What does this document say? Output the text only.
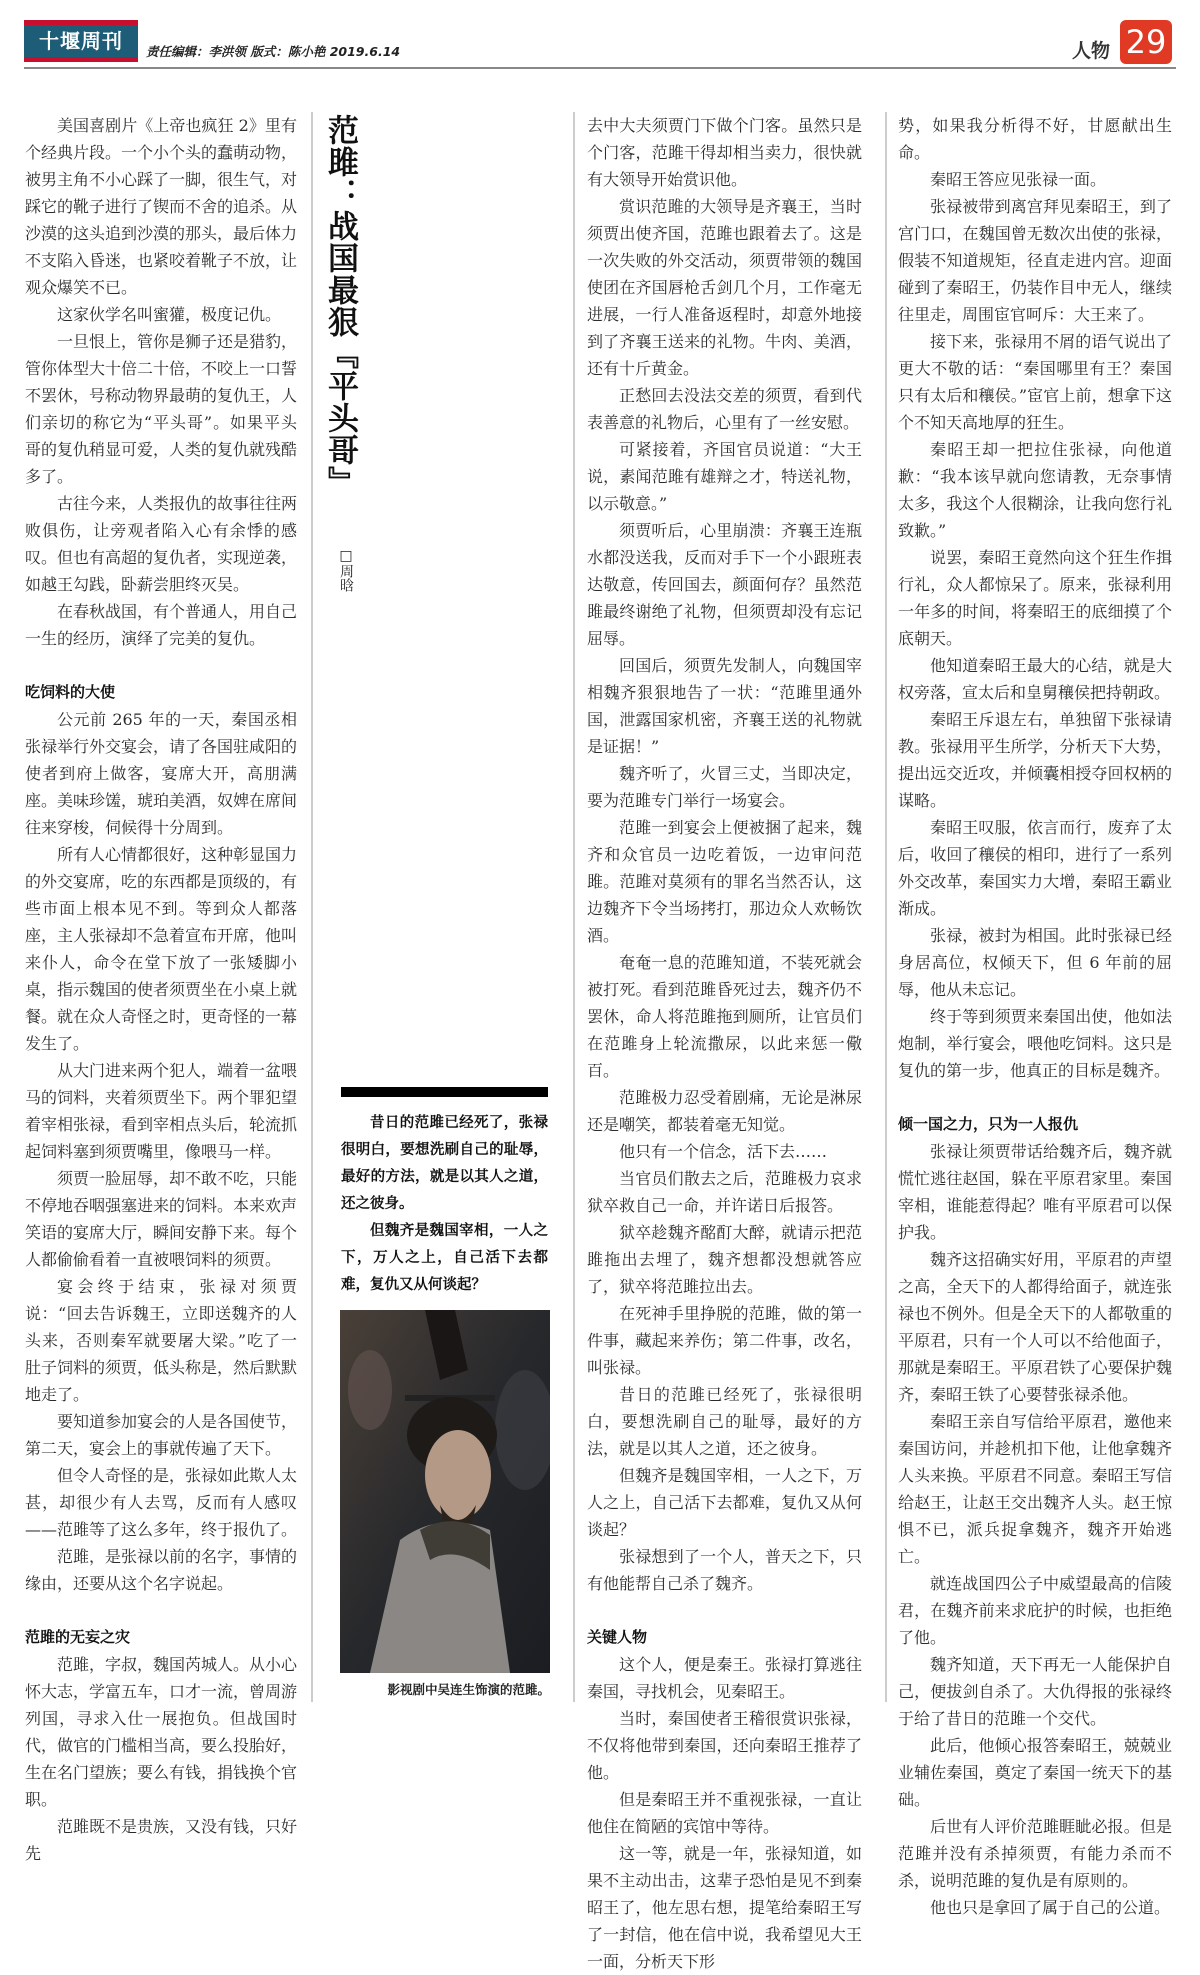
十堰周刊	责任编辑：李洪领 版式：陈小艳 2019.6.14	人物 29

美国喜剧片《上帝也疯狂 2》里有个经典片段。一个小个头的蠢萌动物，被男主角不小心踩了一脚，很生气，对踩它的靴子进行了锲而不舍的追杀。从沙漠的这头追到沙漠的那头，最后体力不支陷入昏迷，也紧咬着靴子不放，让观众爆笑不已。

这家伙学名叫蜜獾，极度记仇。

一旦恨上，管你是狮子还是猎豹，管你体型大十倍二十倍，不咬上一口誓不罢休，号称动物界最萌的复仇王，人们亲切的称它为“平头哥”。如果平头哥的复仇稍显可爱，人类的复仇就残酷多了。

古往今来，人类报仇的故事往往两败俱伤，让旁观者陷入心有余悸的感叹。但也有高超的复仇者，实现逆袭，如越王勾践，卧薪尝胆终灭吴。

在春秋战国，有个普通人，用自己一生的经历，演绎了完美的复仇。

吃饲料的大使

公元前 265 年的一天，秦国丞相张禄举行外交宴会，请了各国驻咸阳的使者到府上做客，宴席大开，高朋满座。美味珍馐，琥珀美酒，奴婢在席间往来穿梭，伺候得十分周到。

所有人心情都很好，这种彰显国力的外交宴席，吃的东西都是顶级的，有些市面上根本见不到。等到众人都落座，主人张禄却不急着宣布开席，他叫来仆人，命令在堂下放了一张矮脚小桌，指示魏国的使者须贾坐在小桌上就餐。就在众人奇怪之时，更奇怪的一幕发生了。

从大门进来两个犯人，端着一盆喂马的饲料，夹着须贾坐下。两个罪犯望着宰相张禄，看到宰相点头后，轮流抓起饲料塞到须贾嘴里，像喂马一样。

须贾一脸屈辱，却不敢不吃，只能不停地吞咽强塞进来的饲料。本来欢声笑语的宴席大厅，瞬间安静下来。每个人都偷偷看着一直被喂饲料的须贾。

宴会终于结束，张禄对须贾说：“回去告诉魏王，立即送魏齐的人头来，否则秦军就要屠大梁。”吃了一肚子饲料的须贾，低头称是，然后默默地走了。

要知道参加宴会的人是各国使节，第二天，宴会上的事就传遍了天下。

但令人奇怪的是，张禄如此欺人太甚，却很少有人去骂，反而有人感叹——范雎等了这么多年，终于报仇了。

范雎，是张禄以前的名字，事情的缘由，还要从这个名字说起。

范雎的无妄之灾

范雎，字叔，魏国芮城人。从小心怀大志，学富五车，口才一流，曾周游列国，寻求入仕一展抱负。但战国时代，做官的门槛相当高，要么投胎好，生在名门望族；要么有钱，捐钱换个官职。

范雎既不是贵族，又没有钱，只好先

范雎：战国最狠『平头哥』
□周晗

昔日的范雎已经死了，张禄很明白，要想洗刷自己的耻辱，最好的方法，就是以其人之道，还之彼身。

但魏齐是魏国宰相，一人之下，万人之上，自己活下去都难，复仇又从何谈起？

影视剧中吴连生饰演的范雎。

去中大夫须贾门下做个门客。虽然只是个门客，范雎干得却相当卖力，很快就有大领导开始赏识他。

赏识范雎的大领导是齐襄王，当时须贾出使齐国，范雎也跟着去了。这是一次失败的外交活动，须贾带领的魏国使团在齐国唇枪舌剑几个月，工作毫无进展，一行人准备返程时，却意外地接到了齐襄王送来的礼物。牛肉、美酒，还有十斤黄金。

正愁回去没法交差的须贾，看到代表善意的礼物后，心里有了一丝安慰。

可紧接着，齐国官员说道：“大王说，素闻范雎有雄辩之才，特送礼物，以示敬意。”

须贾听后，心里崩溃：齐襄王连瓶水都没送我，反而对手下一个小跟班表达敬意，传回国去，颜面何存？虽然范雎最终谢绝了礼物，但须贾却没有忘记屈辱。

回国后，须贾先发制人，向魏国宰相魏齐狠狠地告了一状：“范雎里通外国，泄露国家机密，齐襄王送的礼物就是证据！”

魏齐听了，火冒三丈，当即决定，要为范雎专门举行一场宴会。

范雎一到宴会上便被捆了起来，魏齐和众官员一边吃着饭，一边审问范雎。范雎对莫须有的罪名当然否认，这边魏齐下令当场拷打，那边众人欢畅饮酒。

奄奄一息的范雎知道，不装死就会被打死。看到范雎昏死过去，魏齐仍不罢休，命人将范雎拖到厕所，让官员们在范雎身上轮流撒尿，以此来惩一儆百。

范雎极力忍受着剧痛，无论是淋尿还是嘲笑，都装着毫无知觉。

他只有一个信念，活下去……

当官员们散去之后，范雎极力哀求狱卒救自己一命，并许诺日后报答。

狱卒趁魏齐酩酊大醉，就请示把范雎拖出去埋了，魏齐想都没想就答应了，狱卒将范雎拉出去。

在死神手里挣脱的范雎，做的第一件事，藏起来养伤；第二件事，改名，叫张禄。

昔日的范雎已经死了，张禄很明白，要想洗刷自己的耻辱，最好的方法，就是以其人之道，还之彼身。

但魏齐是魏国宰相，一人之下，万人之上，自己活下去都难，复仇又从何谈起？

张禄想到了一个人，普天之下，只有他能帮自己杀了魏齐。

关键人物

这个人，便是秦王。张禄打算逃往秦国，寻找机会，见秦昭王。

当时，秦国使者王稽很赏识张禄，不仅将他带到秦国，还向秦昭王推荐了他。

但是秦昭王并不重视张禄，一直让他住在简陋的宾馆中等待。

这一等，就是一年，张禄知道，如果不主动出击，这辈子恐怕是见不到秦昭王了，他左思右想，提笔给秦昭王写了一封信，他在信中说，我希望见大王一面，分析天下形

势，如果我分析得不好，甘愿献出生命。

秦昭王答应见张禄一面。

张禄被带到离宫拜见秦昭王，到了宫门口，在魏国曾无数次出使的张禄，假装不知道规矩，径直走进内宫。迎面碰到了秦昭王，仍装作目中无人，继续往里走，周围宦官呵斥：大王来了。

接下来，张禄用不屑的语气说出了更大不敬的话：“秦国哪里有王？秦国只有太后和穰侯。”宦官上前，想拿下这个不知天高地厚的狂生。

秦昭王却一把拉住张禄，向他道歉：“我本该早就向您请教，无奈事情太多，我这个人很糊涂，让我向您行礼致歉。”

说罢，秦昭王竟然向这个狂生作揖行礼，众人都惊呆了。原来，张禄利用一年多的时间，将秦昭王的底细摸了个底朝天。

他知道秦昭王最大的心结，就是大权旁落，宣太后和皇舅穰侯把持朝政。

秦昭王斥退左右，单独留下张禄请教。张禄用平生所学，分析天下大势，提出远交近攻，并倾囊相授夺回权柄的谋略。

秦昭王叹服，依言而行，废弃了太后，收回了穰侯的相印，进行了一系列外交改革，秦国实力大增，秦昭王霸业渐成。

张禄，被封为相国。此时张禄已经身居高位，权倾天下，但 6 年前的屈辱，他从未忘记。

终于等到须贾来秦国出使，他如法炮制，举行宴会，喂他吃饲料。这只是复仇的第一步，他真正的目标是魏齐。

倾一国之力，只为一人报仇

张禄让须贾带话给魏齐后，魏齐就慌忙逃往赵国，躲在平原君家里。秦国宰相，谁能惹得起？唯有平原君可以保护我。

魏齐这招确实好用，平原君的声望之高，全天下的人都得给面子，就连张禄也不例外。但是全天下的人都敬重的平原君，只有一个人可以不给他面子，那就是秦昭王。平原君铁了心要保护魏齐，秦昭王铁了心要替张禄杀他。

秦昭王亲自写信给平原君，邀他来秦国访问，并趁机扣下他，让他拿魏齐人头来换。平原君不同意。秦昭王写信给赵王，让赵王交出魏齐人头。赵王惊惧不已，派兵捉拿魏齐，魏齐开始逃亡。

就连战国四公子中威望最高的信陵君，在魏齐前来求庇护的时候，也拒绝了他。

魏齐知道，天下再无一人能保护自己，便拔剑自杀了。大仇得报的张禄终于给了昔日的范雎一个交代。

此后，他倾心报答秦昭王，兢兢业业辅佐秦国，奠定了秦国一统天下的基础。

后世有人评价范雎睚眦必报。但是范雎并没有杀掉须贾，有能力杀而不杀，说明范雎的复仇是有原则的。

他也只是拿回了属于自己的公道。
